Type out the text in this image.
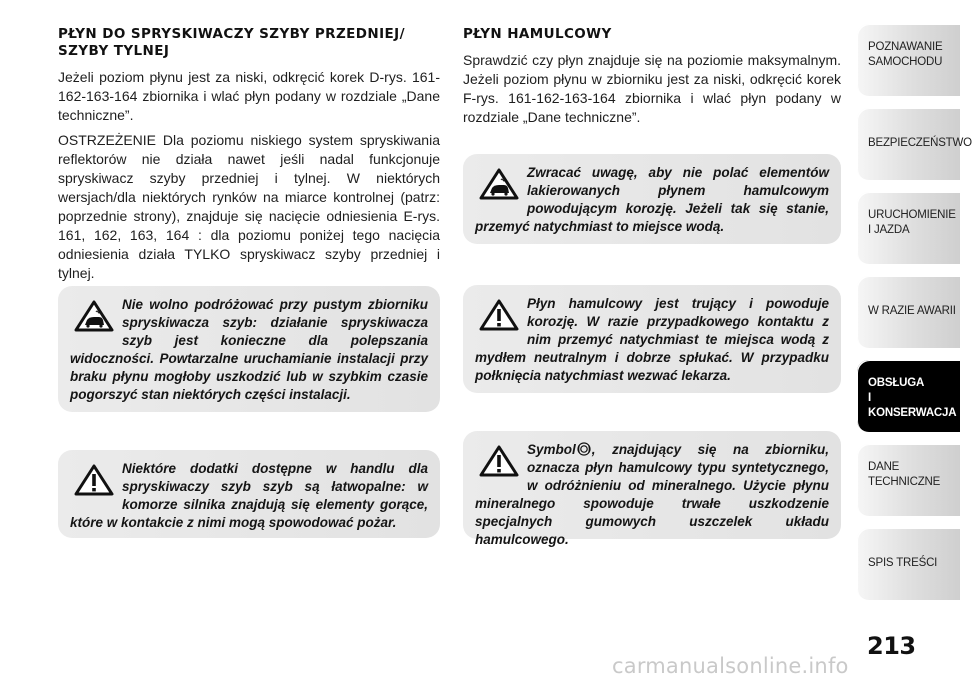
PŁYN DO SPRYSKIWACZY SZYBY PRZEDNIEJ/
SZYBY TYLNEJ

Jeżeli poziom płynu jest za niski, odkręcić korek D-rys. 161-162-163-164 zbiornika i wlać płyn podany w rozdziale „Dane techniczne”.

OSTRZEŻENIE Dla poziomu niskiego system spryskiwania reflektorów nie działa nawet jeśli nadal funkcjonuje spryskiwacz szyby przedniej i tylnej. W niektórych wersjach/dla niektórych rynków na miarce kontrolnej (patrz: poprzednie strony), znajduje się nacięcie odniesienia E-rys. 161, 162, 163, 164 : dla poziomu poniżej tego nacięcia odniesienia działa TYLKO spryskiwacz szyby przedniej i tylnej.

Nie wolno podróżować przy pustym zbiorniku spryskiwacza szyb: działanie spryskiwacza szyb jest konieczne dla polepszania widoczności. Powtarzalne uruchamianie instalacji przy braku płynu mogłoby uszkodzić lub w szybkim czasie pogorszyć stan niektórych części instalacji.

Niektóre dodatki dostępne w handlu dla spryskiwaczy szyb szyb są łatwopalne: w komorze silnika znajdują się elementy gorące, które w kontakcie z nimi mogą spowodować pożar.

PŁYN HAMULCOWY

Sprawdzić czy płyn znajduje się na poziomie maksymalnym. Jeżeli poziom płynu w zbiorniku jest za niski, odkręcić korek F-rys. 161-162-163-164 zbiornika i wlać płyn podany w rozdziale „Dane techniczne”.

Zwracać uwagę, aby nie polać elementów lakierowanych płynem hamulcowym powodującym korozję. Jeżeli tak się stanie, przemyć natychmiast to miejsce wodą.

Płyn hamulcowy jest trujący i powoduje korozję. W razie przypadkowego kontaktu z nim przemyć natychmiast te miejsca wodą z mydłem neutralnym i dobrze spłukać. W przypadku połknięcia natychmiast wezwać lekarza.

Symbol , znajdujący się na zbiorniku, oznacza płyn hamulcowy typu syntetycznego, w odróżnieniu od mineralnego. Użycie płynu mineralnego spowoduje trwałe uszkodzenie specjalnych gumowych uszczelek układu hamulcowego.

POZNAWANIE
SAMOCHODU
BEZPIECZEŃSTWO
URUCHOMIENIE
I JAZDA
W RAZIE AWARII
OBSŁUGA
I KONSERWACJA
DANE
TECHNICZNE
SPIS TREŚCI
213
carmanualsonline.info
